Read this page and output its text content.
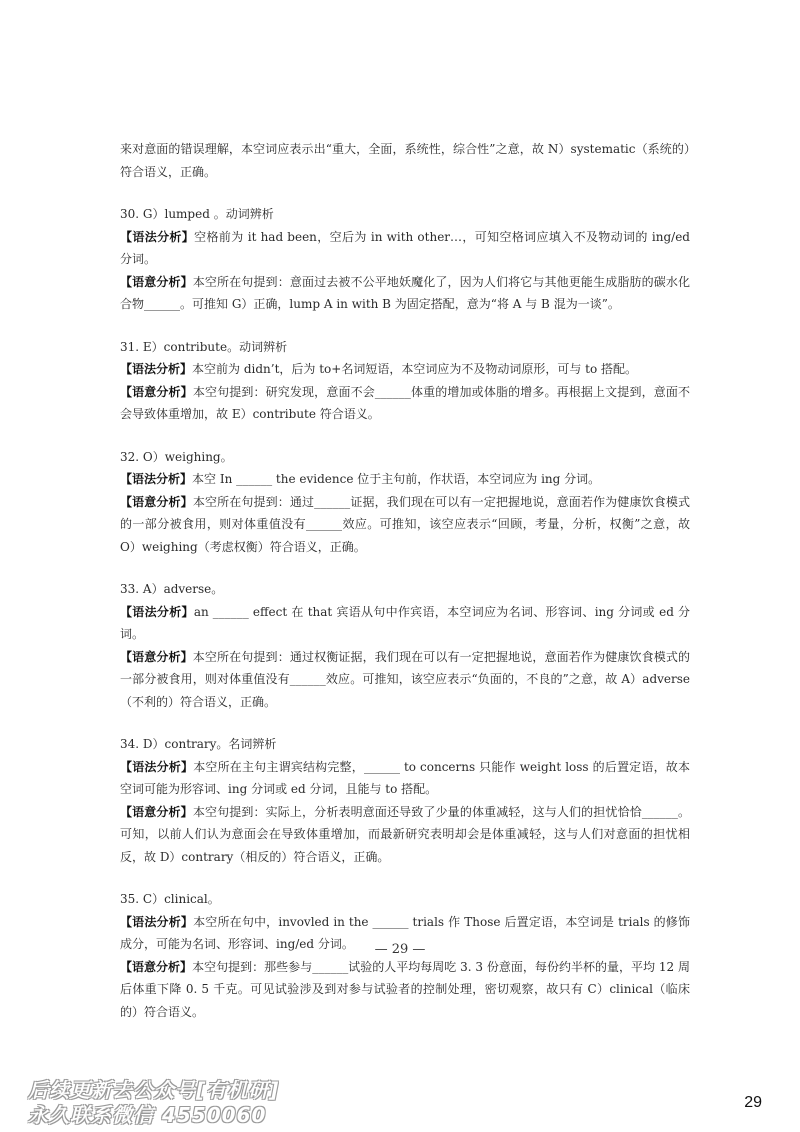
来对意面的错误理解，本空词应表示出“重大，全面，系统性，综合性”之意，故 N）systematic（系统的）符合语义，正确。

30. G）lumped 。动词辨析

【语法分析】空格前为 it had been，空后为 in with other…，可知空格词应填入不及物动词的 ing/ed 分词。

【语意分析】本空所在句提到：意面过去被不公平地妖魔化了，因为人们将它与其他更能生成脂肪的碳水化合物______。可推知 G）正确，lump A in with B 为固定搭配，意为“将 A 与 B 混为一谈”。

31. E）contribute。动词辨析

【语法分析】本空前为 didn’t，后为 to+名词短语，本空词应为不及物动词原形，可与 to 搭配。

【语意分析】本空句提到：研究发现，意面不会______体重的增加或体脂的增多。再根据上文提到，意面不会导致体重增加，故 E）contribute 符合语义。

32. O）weighing。

【语法分析】本空 In ______ the evidence 位于主句前，作状语，本空词应为 ing 分词。

【语意分析】本空所在句提到：通过______证据，我们现在可以有一定把握地说，意面若作为健康饮食模式的一部分被食用，则对体重值没有______效应。可推知，该空应表示“回顾，考量，分析，权衡”之意，故 O）weighing（考虑权衡）符合语义，正确。

33. A）adverse。

【语法分析】an ______ effect 在 that 宾语从句中作宾语，本空词应为名词、形容词、ing 分词或 ed 分词。

【语意分析】本空所在句提到：通过权衡证据，我们现在可以有一定把握地说，意面若作为健康饮食模式的一部分被食用，则对体重值没有______效应。可推知，该空应表示“负面的，不良的”之意，故 A）adverse（不利的）符合语义，正确。

34. D）contrary。名词辨析

【语法分析】本空所在主句主谓宾结构完整，______ to concerns 只能作 weight loss 的后置定语，故本空词可能为形容词、ing 分词或 ed 分词，且能与 to 搭配。

【语意分析】本空句提到：实际上，分析表明意面还导致了少量的体重减轻，这与人们的担忧恰恰______。可知，以前人们认为意面会在导致体重增加，而最新研究表明却会是体重减轻，这与人们对意面的担忧相反，故 D）contrary（相反的）符合语义，正确。

35. C）clinical。

【语法分析】本空所在句中，invovled in the ______ trials 作 Those 后置定语，本空词是 trials 的修饰成分，可能为名词、形容词、ing/ed 分词。

【语意分析】本空句提到：那些参与______试验的人平均每周吃 3. 3 份意面，每份约半杯的量，平均 12 周后体重下降 0. 5 千克。可见试验涉及到对参与试验者的控制处理，密切观察，故只有 C）clinical（临床的）符合语义。

— 29 —
后续更新去公众号[有机研]
永久联系微信 4550060
29
